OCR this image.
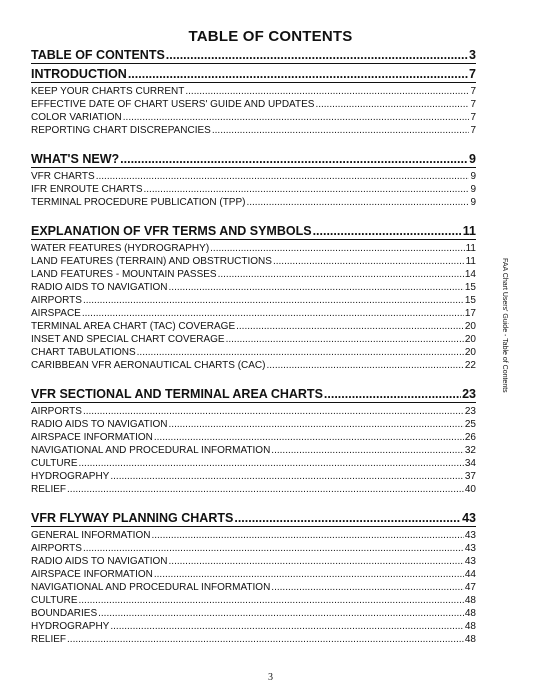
TABLE OF CONTENTS
TABLE OF CONTENTS .....	3
INTRODUCTION .....	7
KEEP YOUR CHARTS CURRENT .....	7
EFFECTIVE DATE OF CHART USERS' GUIDE AND UPDATES .....	7
COLOR VARIATION .....	7
REPORTING CHART DISCREPANCIES .....	7
WHAT'S NEW? .....	9
VFR CHARTS .....	9
IFR ENROUTE CHARTS .....	9
TERMINAL PROCEDURE PUBLICATION (TPP) .....	9
EXPLANATION OF VFR TERMS AND SYMBOLS .....	11
WATER FEATURES (HYDROGRAPHY) .....	11
LAND FEATURES (TERRAIN) AND OBSTRUCTIONS .....	11
LAND FEATURES - MOUNTAIN PASSES .....	14
RADIO AIDS TO NAVIGATION .....	15
AIRPORTS .....	15
AIRSPACE .....	17
TERMINAL AREA CHART (TAC) COVERAGE .....	20
INSET AND SPECIAL CHART COVERAGE .....	20
CHART TABULATIONS .....	20
CARIBBEAN VFR AERONAUTICAL CHARTS (CAC) .....	22
VFR SECTIONAL AND TERMINAL AREA CHARTS .....	23
AIRPORTS .....	23
RADIO AIDS TO NAVIGATION .....	25
AIRSPACE INFORMATION .....	26
NAVIGATIONAL AND PROCEDURAL INFORMATION .....	32
CULTURE .....	34
HYDROGRAPHY .....	37
RELIEF .....	40
VFR FLYWAY PLANNING CHARTS .....	43
GENERAL INFORMATION .....	43
AIRPORTS .....	43
RADIO AIDS TO NAVIGATION .....	43
AIRSPACE INFORMATION .....	44
NAVIGATIONAL AND PROCEDURAL INFORMATION .....	47
CULTURE .....	48
BOUNDARIES .....	48
HYDROGRAPHY .....	48
RELIEF .....	48
FAA Chart Users' Guide - Table of Contents
3
